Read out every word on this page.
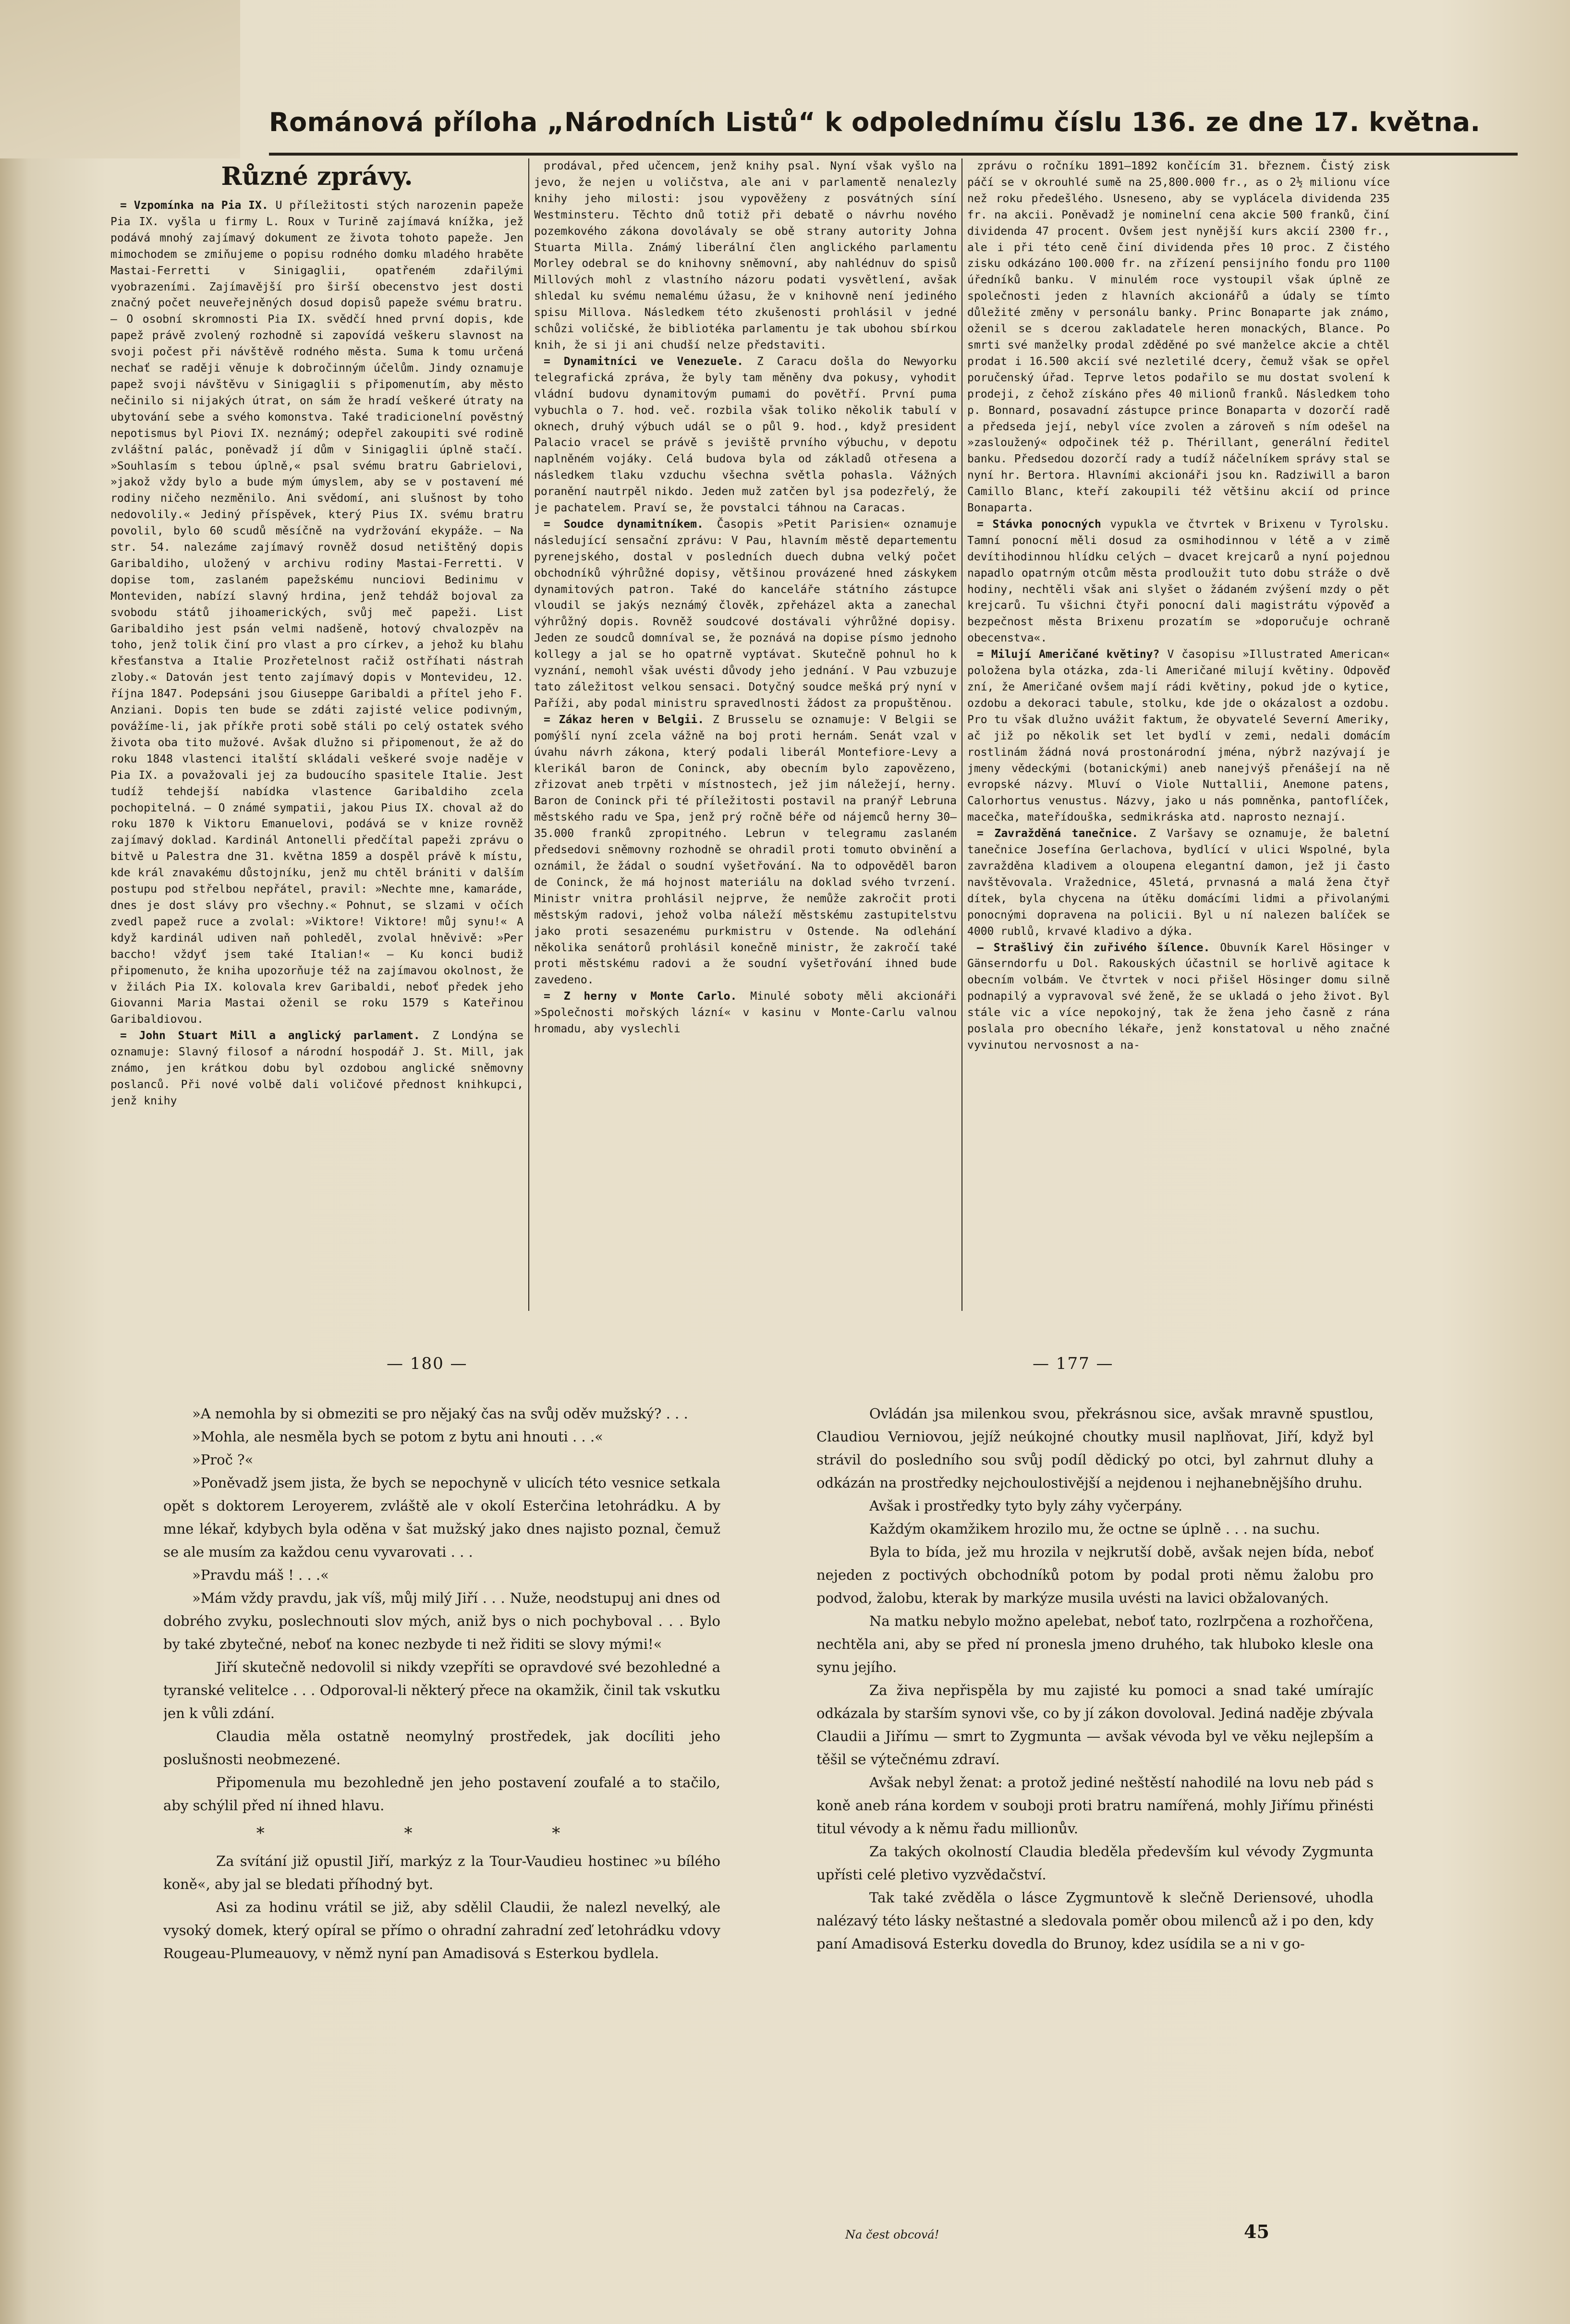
Románová příloha „Národních Listů“ k odpolednímu číslu 136. ze dne 17. května.
Různé zprávy.

= Vzpomínka na Pia IX. U příležitosti stých narozenin papeže Pia IX. vyšla u firmy L. Roux v Turině zajímavá knížka, jež podává mnohý zajímavý dokument ze života tohoto papeže. Jen mimochodem se zmiňujeme o popisu rodného domku mladého hraběte Mastai-Ferretti v Sinigaglii, opatřeném zdařilými vyobrazeními. Zajímavější pro širší obecenstvo jest dosti značný počet neuveřejněných dosud dopisů papeže svému bratru. — O osobní skromnosti Pia IX. svědčí hned první dopis, kde papež právě zvolený rozhodně si zapovídá veškeru slavnost na svoji počest při návštěvě rodného města. Suma k tomu určená nechať se raději věnuje k dobročinným účelům. Jindy oznamuje papež svoji návštěvu v Sinigaglii s připomenutím, aby město nečinilo si nijakých útrat, on sám že hradí veškeré útraty na ubytování sebe a svého komonstva. Také tradicionelní pověstný nepotismus byl Piovi IX. neznámý; odepřel zakoupiti své rodině zvláštní palác, poněvadž jí dům v Sinigaglii úplně stačí. »Souhlasím s tebou úplně,« psal svému bratru Gabrielovi, »jakož vždy bylo a bude mým úmyslem, aby se v postavení mé rodiny ničeho nezměnilo. Ani svědomí, ani slušnost by toho nedovolily.« Jediný příspěvek, který Pius IX. svému bratru povolil, bylo 60 scudů měsíčně na vydržování ekypáže. — Na str. 54. nalezáme zajímavý rovněž dosud netištěný dopis Garibaldiho, uložený v archivu rodiny Mastai-Ferretti. V dopise tom, zaslaném papežskému nunciovi Bedinimu v Monteviden, nabízí slavný hrdina, jenž tehdáž bojoval za svobodu států jihoamerických, svůj meč papeži. List Garibaldiho jest psán velmi nadšeně, hotový chvalozpěv na toho, jenž tolik činí pro vlast a pro církev, a jehož ku blahu křesťanstva a Italie Prozřetelnost račiž ostříhati nástrah zloby.« Datován jest tento zajímavý dopis v Montevideu, 12. října 1847. Podepsáni jsou Giuseppe Garibaldi a přítel jeho F. Anziani. Dopis ten bude se zdáti zajisté velice podivným, povážíme-li, jak příkře proti sobě stáli po celý ostatek svého života oba tito mužové. Avšak dlužno si připomenout, že až do roku 1848 vlastenci italští skládali veškeré svoje naděje v Pia IX. a považovali jej za budoucího spasitele Italie. Jest tudíž tehdejší nabídka vlastence Garibaldiho zcela pochopitelná. — O známé sympatii, jakou Pius IX. choval až do roku 1870 k Viktoru Emanuelovi, podává se v knize rovněž zajímavý doklad. Kardinál Antonelli předčítal papeži zprávu o bitvě u Palestra dne 31. května 1859 a dospěl právě k místu, kde král znavakému důstojníku, jenž mu chtěl brániti v dalším postupu pod střelbou nepřátel, pravil: »Nechte mne, kamaráde, dnes je dost slávy pro všechny.« Pohnut, se slzami v očích zvedl papež ruce a zvolal: »Viktore! Viktore! můj synu!« A když kardinál udiven naň pohleděl, zvolal hněvivě: »Per baccho! vždyť jsem také Italian!« — Ku konci budiž připomenuto, že kniha upozorňuje též na zajímavou okolnost, že v žilách Pia IX. kolovala krev Garibaldi, neboť předek jeho Giovanni Maria Mastai oženil se roku 1579 s Kateřinou Garibaldiovou.

= John Stuart Mill a anglický parlament. Z Londýna se oznamuje: Slavný filosof a národní hospodář J. St. Mill, jak známo, jen krátkou dobu byl ozdobou anglické sněmovny poslanců. Při nové volbě dali voličové přednost knihkupci, jenž knihy

prodával, před učencem, jenž knihy psal. Nyní však vyšlo na jevo, že nejen u voličstva, ale ani v parlamentě nenalezly knihy jeho milosti: jsou vypověženy z posvátných síní Westminsteru. Těchto dnů totiž při debatě o návrhu nového pozemkového zákona dovolávaly se obě strany autority Johna Stuarta Milla. Známý liberální člen anglického parlamentu Morley odebral se do knihovny sněmovní, aby nahlédnuv do spisů Millových mohl z vlastního názoru podati vysvětlení, avšak shledal ku svému nemalému úžasu, že v knihovně není jediného spisu Millova. Následkem této zkušenosti prohlásil v jedné schůzi voličské, že bibliotéka parlamentu je tak ubohou sbírkou knih, že si ji ani chudší nelze představiti.

= Dynamitníci ve Venezuele. Z Caracu došla do Newyorku telegrafická zpráva, že byly tam měněny dva pokusy, vyhodit vládní budovu dynamitovým pumami do povětří. První puma vybuchla o 7. hod. več. rozbila však toliko několik tabulí v oknech, druhý výbuch udál se o půl 9. hod., když president Palacio vracel se právě s jeviště prvního výbuchu, v depotu naplněném vojáky. Celá budova byla od základů otřesena a následkem tlaku vzduchu všechna světla pohasla. Vážných poranění nautrpěl nikdo. Jeden muž zatčen byl jsa podezřelý, že je pachatelem. Praví se, že povstalci táhnou na Caracas.

= Soudce dynamitníkem. Časopis »Petit Parisien« oznamuje následující sensační zprávu: V Pau, hlavním městě departementu pyrenejského, dostal v posledních duech dubna velký počet obchodníků výhrůžné dopisy, většinou provázené hned záskykem dynamitových patron. Také do kanceláře státního zástupce vloudil se jakýs neznámý člověk, zpřeházel akta a zanechal výhrůžný dopis. Rovněž soudcové dostávali výhrůžné dopisy. Jeden ze soudců domníval se, že poznává na dopise písmo jednoho kollegy a jal se ho opatrně vyptávat. Skutečně pohnul ho k vyznání, nemohl však uvésti důvody jeho jednání. V Pau vzbuzuje tato záležitost velkou sensaci. Dotyčný soudce mešká prý nyní v Paříži, aby podal ministru spravedlnosti žádost za propuštěnou.

= Zákaz heren v Belgii. Z Brusselu se oznamuje: V Belgii se pomýšlí nyní zcela vážně na boj proti hernám. Senát vzal v úvahu návrh zákona, který podali liberál Montefiore-Levy a klerikál baron de Coninck, aby obecním bylo zapovězeno, zřizovat aneb trpěti v místnostech, jež jim náležejí, herny. Baron de Coninck při té příležitosti postavil na pranýř Lebruna městského radu ve Spa, jenž prý ročně béře od nájemců herny 30—35.000 franků zpropitného. Lebrun v telegramu zaslaném předsedovi sněmovny rozhodně se ohradil proti tomuto obvinění a oznámil, že žádal o soudní vyšetřování. Na to odpověděl baron de Coninck, že má hojnost materiálu na doklad svého tvrzení. Ministr vnitra prohlásil nejprve, že nemůže zakročit proti městským radovi, jehož volba náleží městskému zastupitelstvu jako proti sesazenému purkmistru v Ostende. Na odlehání několika senátorů prohlásil konečně ministr, že zakročí také proti městskému radovi a že soudní vyšetřování ihned bude zavedeno.

= Z herny v Monte Carlo. Minulé soboty měli akcionáři »Společnosti mořských lázní« v kasinu v Monte-Carlu valnou hromadu, aby vyslechli

zprávu o ročníku 1891—1892 končícím 31. březnem. Čistý zisk páčí se v okrouhlé sumě na 25,800.000 fr., as o 2½ milionu více než roku předešlého. Usneseno, aby se vyplácela dividenda 235 fr. na akcii. Poněvadž je nominelní cena akcie 500 franků, činí dividenda 47 procent. Ovšem jest nynější kurs akcií 2300 fr., ale i při této ceně činí dividenda přes 10 proc. Z čistého zisku odkázáno 100.000 fr. na zřízení pensijního fondu pro 1100 úředníků banku. V minulém roce vystoupil však úplně ze společnosti jeden z hlavních akcionářů a údaly se tímto důležité změny v personálu banky. Princ Bonaparte jak známo, oženil se s dcerou zakladatele heren monackých, Blance. Po smrti své manželky prodal zděděné po své manželce akcie a chtěl prodat i 16.500 akcií své nezletilé dcery, čemuž však se opřel poručenský úřad. Teprve letos podařilo se mu dostat svolení k prodeji, z čehož získáno přes 40 milionů franků. Následkem toho p. Bonnard, posavadní zástupce prince Bonaparta v dozorčí radě a předseda její, nebyl více zvolen a zároveň s ním odešel na »zasloužený« odpočinek též p. Thérillant, generální ředitel banku. Předsedou dozorčí rady a tudíž náčelníkem správy stal se nyní hr. Bertora. Hlavními akcionáři jsou kn. Radziwill a baron Camillo Blanc, kteří zakoupili též většinu akcií od prince Bonaparta.

= Stávka ponocných vypukla ve čtvrtek v Brixenu v Tyrolsku. Tamní ponocní měli dosud za osmihodinnou v létě a v zimě devítihodinnou hlídku celých — dvacet krejcarů a nyní pojednou napadlo opatrným otcům města prodloužit tuto dobu stráže o dvě hodiny, nechtěli však ani slyšet o žádaném zvýšení mzdy o pět krejcarů. Tu všichni čtyři ponocní dali magistrátu výpověď a bezpečnost města Brixenu prozatím se »doporučuje ochraně obecenstva«.

= Milují Američané květiny? V časopisu »Illustrated American« položena byla otázka, zda-li Američané milují květiny. Odpověď zní, že Američané ovšem mají rádi květiny, pokud jde o kytice, ozdobu a dekoraci tabule, stolku, kde jde o okázalost a ozdobu. Pro tu však dlužno uvážit faktum, že obyvatelé Severní Ameriky, ač již po několik set let bydlí v zemi, nedali domácím rostlinám žádná nová prostonárodní jména, nýbrž nazývají je jmeny vědeckými (botanickými) aneb nanejvýš přenášejí na ně evropské názvy. Mluví o Viole Nuttallii, Anemone patens, Calorhortus venustus. Názvy, jako u nás pomněnka, pantoflíček, macečka, mateřídouška, sedmikráska atd. naprosto neznají.

= Zavražděná tanečnice. Z Varšavy se oznamuje, že baletní tanečnice Josefína Gerlachova, bydlící v ulici Wspolné, byla zavražděna kladivem a oloupena elegantní damon, jež ji často navštěvovala. Vražednice, 45letá, prvnasná a malá žena čtyř dítek, byla chycena na útěku domácími lidmi a přivolanými ponocnými dopravena na policii. Byl u ní nalezen balíček se 4000 rublů, krvavé kladivo a dýka.

— Strašlivý čin zuřivého šílence. Obuvník Karel Hösinger v Gänserndorfu u Dol. Rakouských účastnil se horlivě agitace k obecním volbám. Ve čtvrtek v noci přišel Hösinger domu silně podnapilý a vypravoval své ženě, že se ukladá o jeho život. Byl stále vic a více nepokojný, tak že žena jeho časně z rána poslala pro obecního lékaře, jenž konstatoval u něho značné vyvinutou nervosnost a na-

— 180 —	— 177 —

»A nemohla by si obmeziti se pro nějaký čas na svůj oděv mužský? . . .

»Mohla, ale nesměla bych se potom z bytu ani hnouti . . .«

»Proč ?«

»Poněvadž jsem jista, že bych se nepochyně v ulicích této vesnice setkala opět s doktorem Leroyerem, zvláště ale v okolí Esterčina letohrádku. A by mne lékař, kdybych byla oděna v šat mužský jako dnes najisto poznal, čemuž se ale musím za každou cenu vyvarovati . . .

»Pravdu máš ! . . .«

»Mám vždy pravdu, jak víš, můj milý Jiří . . . Nuže, neodstupuj ani dnes od dobrého zvyku, poslechnouti slov mých, aniž bys o nich pochyboval . . . Bylo by také zbytečné, neboť na konec nezbyde ti než řiditi se slovy mými!«

Jiří skutečně nedovolil si nikdy vzepříti se opravdové své bezohledné a tyranské velitelce . . . Odporoval-li některý přece na okamžik, činil tak vskutku jen k vůli zdání.

Claudia měla ostatně neomylný prostředek, jak docíliti jeho poslušnosti neobmezené.

Připomenula mu bezohledně jen jeho postavení zoufalé a to stačilo, aby schýlil před ní ihned hlavu.

* * *

Za svítání již opustil Jiří, markýz z la Tour-Vaudieu hostinec »u bílého koně«, aby jal se bledati příhodný byt.

Asi za hodinu vrátil se již, aby sdělil Claudii, že nalezl nevelký, ale vysoký domek, který opíral se přímo o ohradní zahradní zeď letohrádku vdovy Rougeau-Plumeauovy, v němž nyní pan Amadisová s Esterkou bydlela.

Ovládán jsa milenkou svou, překrásnou sice, avšak mravně spustlou, Claudiou Verniovou, jejíž neúkojné choutky musil naplňovat, Jiří, když byl strávil do posledního sou svůj podíl dědický po otci, byl zahrnut dluhy a odkázán na prostředky nejchoulostivější a nejdenou i nejhanebnějšího druhu.

Avšak i prostředky tyto byly záhy vyčerpány.

Každým okamžikem hrozilo mu, že octne se úplně . . . na suchu.

Byla to bída, jež mu hrozila v nejkrutší době, avšak nejen bída, neboť nejeden z poctivých obchodníků potom by podal proti němu žalobu pro podvod, žalobu, kterak by markýze musila uvésti na lavici obžalovaných.

Na matku nebylo možno apelebat, neboť tato, rozlrpčena a rozhořčena, nechtěla ani, aby se před ní pronesla jmeno druhého, tak hluboko klesle ona synu jejího.

Za živa nepřispěla by mu zajisté ku pomoci a snad také umírajíc odkázala by starším synovi vše, co by jí zákon dovoloval. Jediná naděje zbývala Claudii a Jiřímu — smrt to Zygmunta — avšak vévoda byl ve věku nejlepším a těšil se výtečnému zdraví.

Avšak nebyl ženat: a protož jediné neštěstí nahodilé na lovu neb pád s koně aneb rána kordem v souboji proti bratru namířená, mohly Jiřímu přinésti titul vévody a k němu řadu millionův.

Za takých okolností Claudia bleděla především kul vévody Zygmunta upřísti celé pletivo vyzvědačství.

Tak také zvěděla o lásce Zygmuntově k slečně Deriensové, uhodla nalézavý této lásky neštastné a sledovala poměr obou milenců až i po den, kdy paní Amadisová Esterku dovedla do Brunoy, kdez usídila se a ni v go-

Na čest obcová!	45
